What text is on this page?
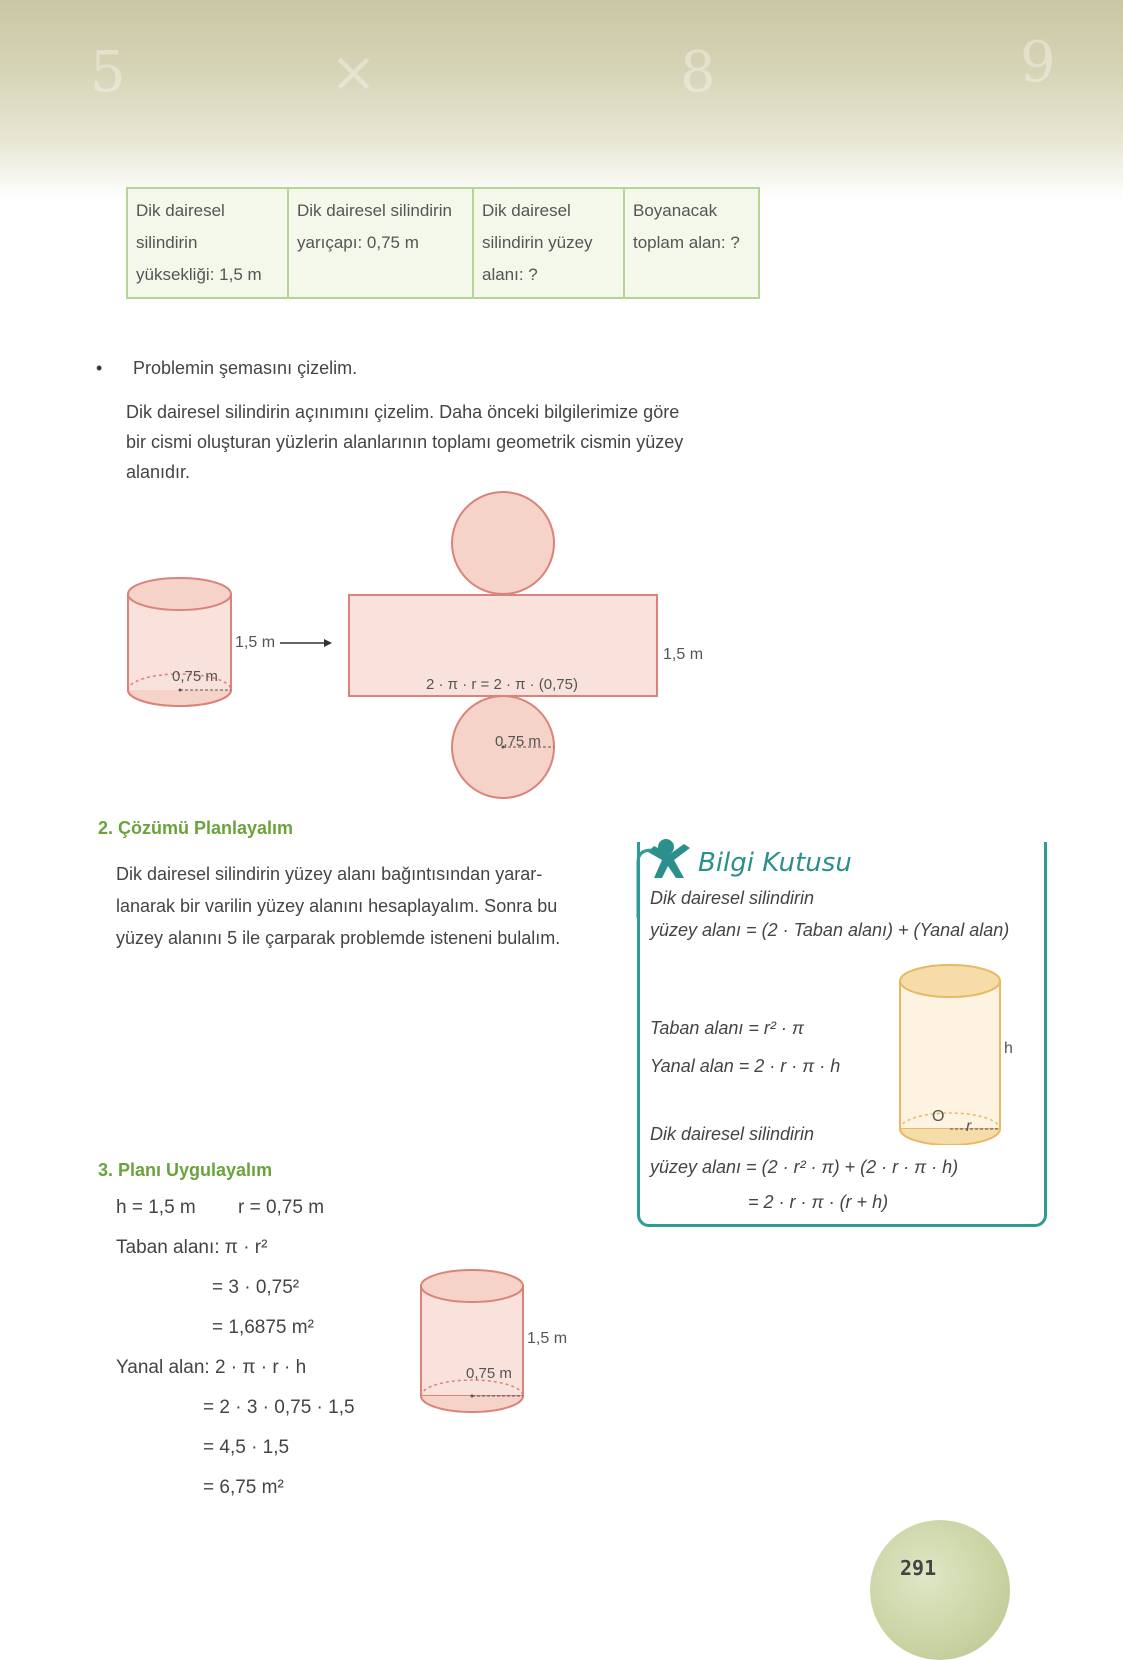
5	×	8	9
Dik dairesel
silindirin
yüksekliği: 1,5 m

Dik dairesel silindirin
yarıçapı: 0,75 m

Dik dairesel
silindirin yüzey
alanı: ?

Boyanacak
toplam alan: ?
• Problemin şemasını çizelim.
Dik dairesel silindirin açınımını çizelim. Daha önceki bilgilerimize göre
bir cismi oluşturan yüzlerin alanlarının toplamı geometrik cismin yüzey
alanıdır.
1,5 m
0,75 m
1,5 m
2 · π · r = 2 · π · (0,75)
0,75 m
2. Çözümü Planlayalım
Dik dairesel silindirin yüzey alanı bağıntısından yarar-
lanarak bir varilin yüzey alanını hesaplayalım. Sonra bu
yüzey alanını 5 ile çarparak problemde isteneni bulalım.
Bilgi Kutusu
Dik dairesel silindirin
yüzey alanı = (2 · Taban alanı) + (Yanal alan)
Taban alanı = r² · π
Yanal alan = 2 · r · π · h
Dik dairesel silindirin
yüzey alanı = (2 · r² · π) + (2 · r · π · h)
= 2 · r · π · (r + h)
h
O
r
3. Planı Uygulayalım
h = 1,5 m        r = 0,75 m
Taban alanı: π · r²
= 3 · 0,75²
= 1,6875 m²
Yanal alan: 2 · π · r · h
= 2 · 3 · 0,75 · 1,5
= 4,5 · 1,5
= 6,75 m²
1,5 m
0,75 m
291
